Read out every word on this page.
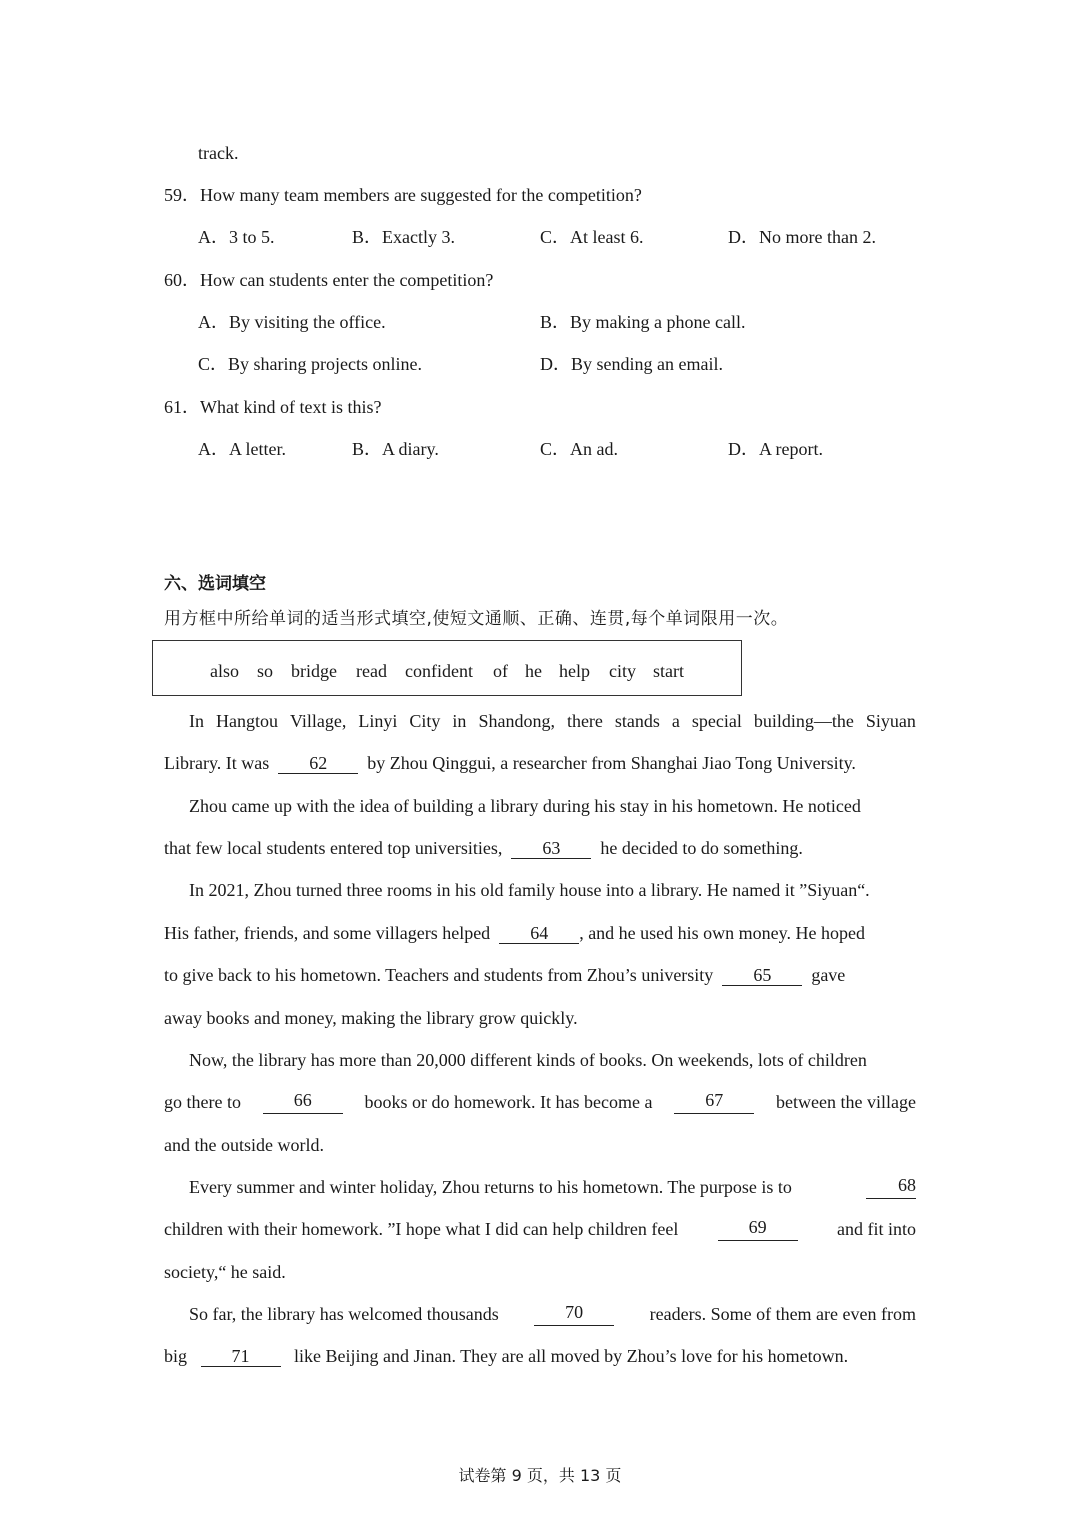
track.
59．How many team members are suggested for the competition?
A．3 to 5.	B．Exactly 3.	C．At least 6.	D．No more than 2.
60．How can students enter the competition?
A．By visiting the office.	B．By making a phone call.
C．By sharing projects online.	D．By sending an email.
61．What kind of text is this?
A．A letter.	B．A diary.	C．An ad.	D．A report.
六、选词填空
用方框中所给单词的适当形式填空,使短文通顺、正确、连贯,每个单词限用一次。
also so bridge read confident of he help city start
In Hangtou Village, Linyi City in Shandong, there stands a special building—the Siyuan
Library. It was 62 by Zhou Qinggui, a researcher from Shanghai Jiao Tong University.
Zhou came up with the idea of building a library during his stay in his hometown. He noticed
that few local students entered top universities, 63 he decided to do something.
In 2021, Zhou turned three rooms in his old family house into a library. He named it ”Siyuan“.
His father, friends, and some villagers helped 64 , and he used his own money. He hoped
to give back to his hometown. Teachers and students from Zhou’s university 65 gave
away books and money, making the library grow quickly.
Now, the library has more than 20,000 different kinds of books. On weekends, lots of children
go there to	66	books or do homework. It has become a	67	between the village
and the outside world.
Every summer and winter holiday, Zhou returns to his hometown. The purpose is to	68
children with their homework. ”I hope what I did can help children feel	69	and fit into
society,“ he said.
So far, the library has welcomed thousands	70	readers. Some of them are even from
big 71 like Beijing and Jinan. They are all moved by Zhou’s love for his hometown.
试卷第 9 页，共 13 页
